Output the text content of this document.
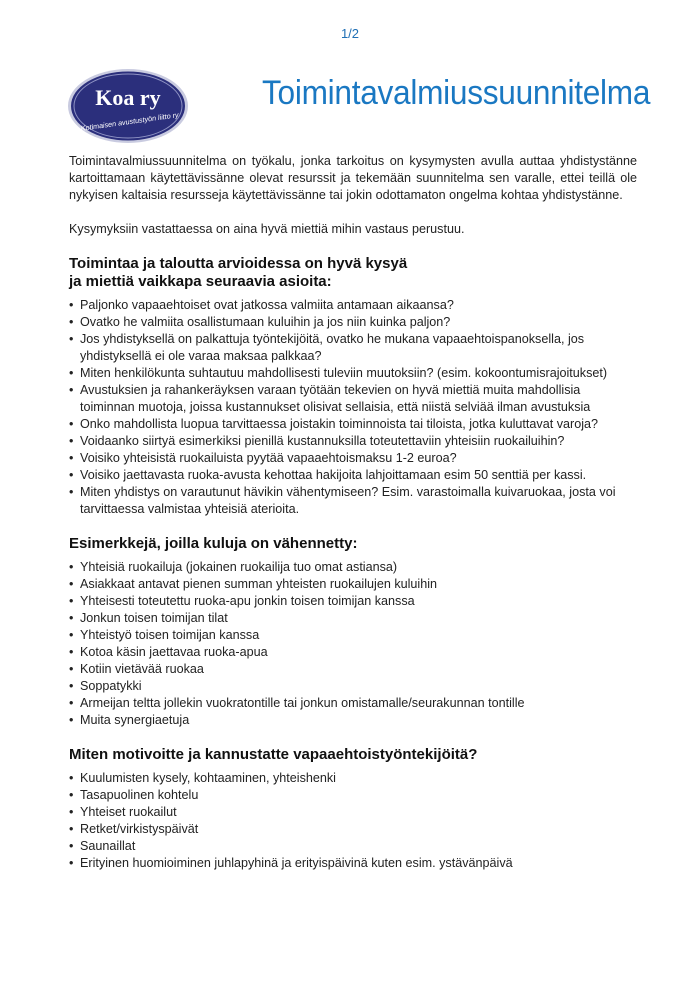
1/2
Koa ry
Kotimaisen avustustyön liitto ry
Toimintavalmiussuunnitelma

Toimintavalmiussuunnitelma on työkalu, jonka tarkoitus on kysymysten avulla auttaa yhdistystänne kartoittamaan käytettävissänne olevat resurssit ja tekemään suunnitelma sen varalle, ettei teillä ole nykyisen kaltaisia resursseja käytettävissänne tai jokin odottamaton ongelma kohtaa yhdistystänne.

Kysymyksiin vastattaessa on aina hyvä miettiä mihin vastaus perustuu.

Toimintaa ja taloutta arvioidessa on hyvä kysyä
ja miettiä vaikkapa seuraavia asioita:
• Paljonko vapaaehtoiset ovat jatkossa valmiita antamaan aikaansa?
• Ovatko he valmiita osallistumaan kuluihin ja jos niin kuinka paljon?
• Jos yhdistyksellä on palkattuja työntekijöitä, ovatko he mukana vapaaehtoispanoksella, jos yhdistyksellä ei ole varaa maksaa palkkaa?
• Miten henkilökunta suhtautuu mahdollisesti tuleviin muutoksiin? (esim. kokoontumisrajoitukset)
• Avustuksien ja rahankeräyksen varaan työtään tekevien on hyvä miettiä muita mahdollisia toiminnan muotoja, joissa kustannukset olisivat sellaisia, että niistä selviää ilman avustuksia
• Onko mahdollista luopua tarvittaessa joistakin toiminnoista tai tiloista, jotka kuluttavat varoja?
• Voidaanko siirtyä esimerkiksi pienillä kustannuksilla toteutettaviin yhteisiin ruokailuihin?
• Voisiko yhteisistä ruokailuista pyytää vapaaehtoismaksu 1-2 euroa?
• Voisiko jaettavasta ruoka-avusta kehottaa hakijoita lahjoittamaan esim 50 senttiä per kassi.
• Miten yhdistys on varautunut hävikin vähentymiseen? Esim. varastoimalla kuivaruokaa, josta voi tarvittaessa valmistaa yhteisiä aterioita.
Esimerkkejä, joilla kuluja on vähennetty:
• Yhteisiä ruokailuja (jokainen ruokailija tuo omat astiansa)
• Asiakkaat antavat pienen summan yhteisten ruokailujen kuluihin
• Yhteisesti toteutettu ruoka-apu jonkin toisen toimijan kanssa
• Jonkun toisen toimijan tilat
• Yhteistyö toisen toimijan kanssa
• Kotoa käsin jaettavaa ruoka-apua
• Kotiin vietävää ruokaa
• Soppatykki
• Armeijan teltta jollekin vuokratontille tai jonkun omistamalle/seurakunnan tontille
• Muita synergiaetuja
Miten motivoitte ja kannustatte vapaaehtoistyöntekijöitä?
• Kuulumisten kysely, kohtaaminen, yhteishenki
• Tasapuolinen kohtelu
• Yhteiset ruokailut
• Retket/virkistyspäivät
• Saunaillat
• Erityinen huomioiminen juhlapyhinä ja erityispäivinä kuten esim. ystävänpäivä
